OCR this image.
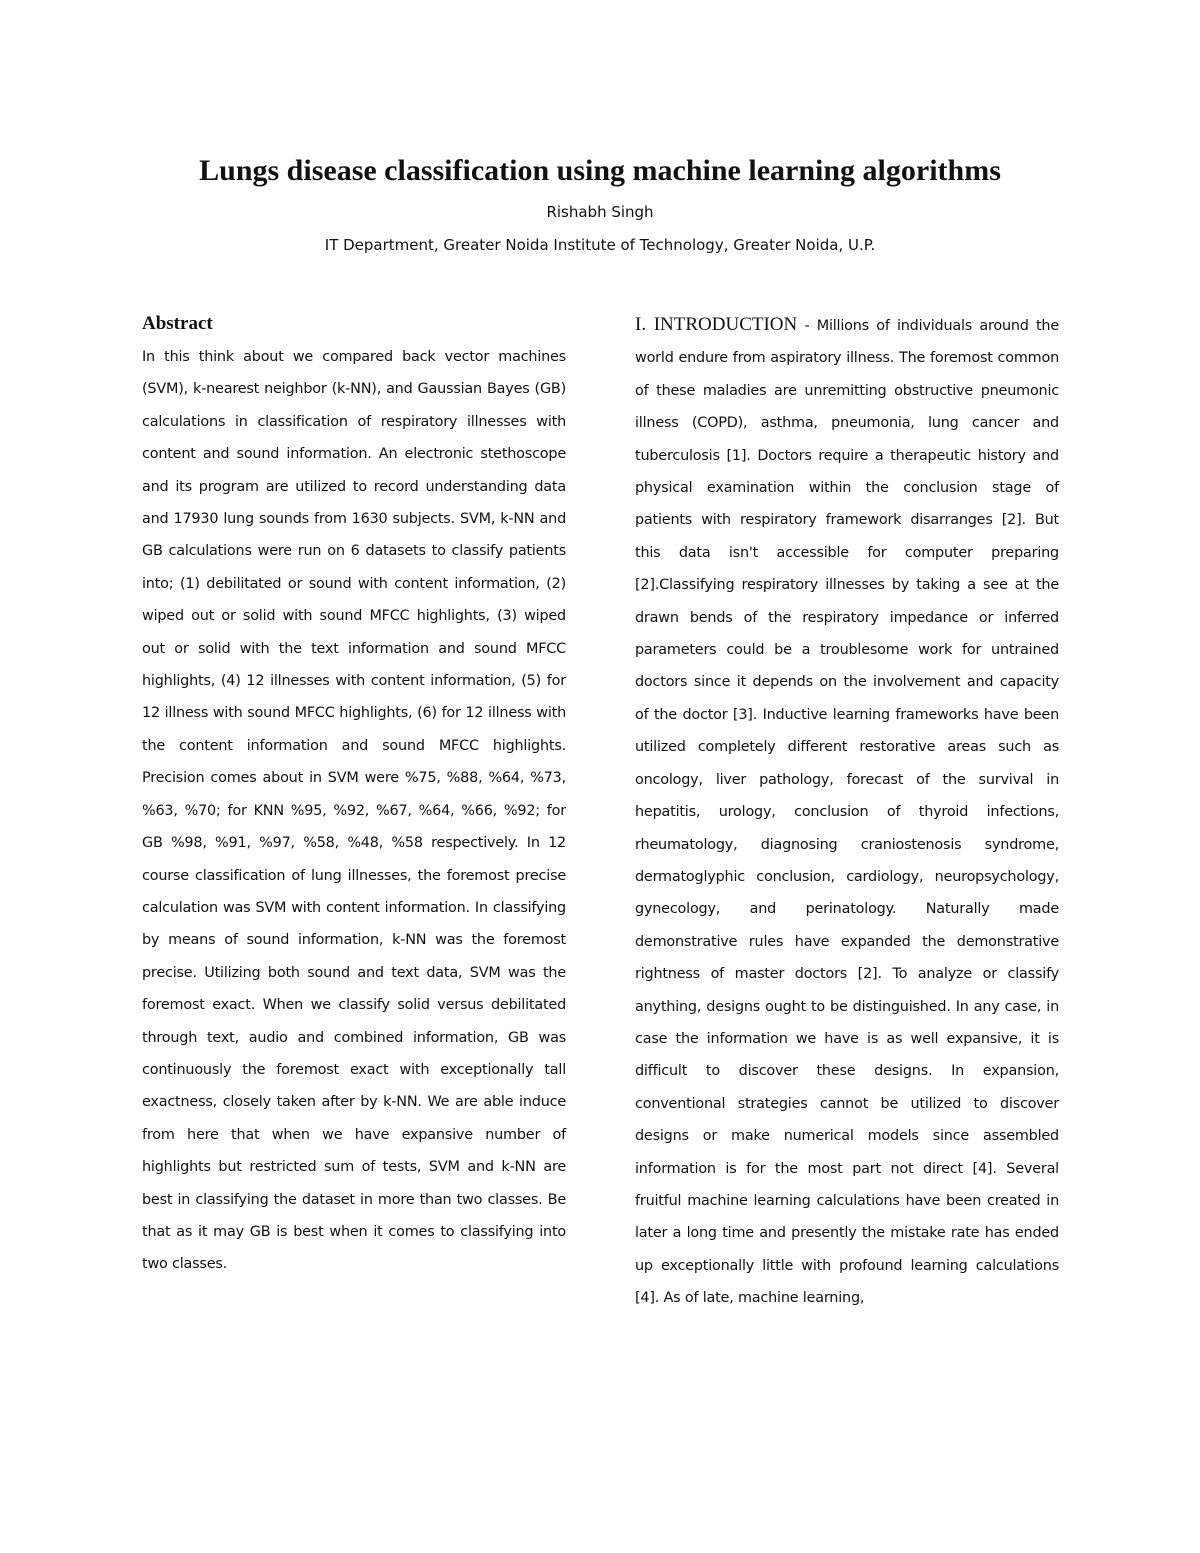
Lungs disease classification using machine learning algorithms
Rishabh Singh
IT Department, Greater Noida Institute of Technology, Greater Noida, U.P.
Abstract

In this think about we compared back vector machines (SVM), k-nearest neighbor (k-NN), and Gaussian Bayes (GB) calculations in classification of respiratory illnesses with content and sound information. An electronic stethoscope and its program are utilized to record understanding data and 17930 lung sounds from 1630 subjects. SVM, k-NN and GB calculations were run on 6 datasets to classify patients into; (1) debilitated or sound with content information, (2) wiped out or solid with sound MFCC highlights, (3) wiped out or solid with the text information and sound MFCC highlights, (4) 12 illnesses with content information, (5) for 12 illness with sound MFCC highlights, (6) for 12 illness with the content information and sound MFCC highlights. Precision comes about in SVM were %75, %88, %64, %73, %63, %70; for KNN %95, %92, %67, %64, %66, %92; for GB %98, %91, %97, %58, %48, %58 respectively. In 12 course classification of lung illnesses, the foremost precise calculation was SVM with content information. In classifying by means of sound information, k-NN was the foremost precise. Utilizing both sound and text data, SVM was the foremost exact. When we classify solid versus debilitated through text, audio and combined information, GB was continuously the foremost exact with exceptionally tall exactness, closely taken after by k-NN. We are able induce from here that when we have expansive number of highlights but restricted sum of tests, SVM and k-NN are best in classifying the dataset in more than two classes. Be that as it may GB is best when it comes to classifying into two classes.

I. INTRODUCTION - Millions of individuals around the world endure from aspiratory illness. The foremost common of these maladies are unremitting obstructive pneumonic illness (COPD), asthma, pneumonia, lung cancer and tuberculosis [1]. Doctors require a therapeutic history and physical examination within the conclusion stage of patients with respiratory framework disarranges [2]. But this data isn't accessible for computer preparing [2].Classifying respiratory illnesses by taking a see at the drawn bends of the respiratory impedance or inferred parameters could be a troublesome work for untrained doctors since it depends on the involvement and capacity of the doctor [3]. Inductive learning frameworks have been utilized completely different restorative areas such as oncology, liver pathology, forecast of the survival in hepatitis, urology, conclusion of thyroid infections, rheumatology, diagnosing craniostenosis syndrome, dermatoglyphic conclusion, cardiology, neuropsychology, gynecology, and perinatology. Naturally made demonstrative rules have expanded the demonstrative rightness of master doctors [2]. To analyze or classify anything, designs ought to be distinguished. In any case, in case the information we have is as well expansive, it is difficult to discover these designs. In expansion, conventional strategies cannot be utilized to discover designs or make numerical models since assembled information is for the most part not direct [4]. Several fruitful machine learning calculations have been created in later a long time and presently the mistake rate has ended up exceptionally little with profound learning calculations [4]. As of late, machine learning,
